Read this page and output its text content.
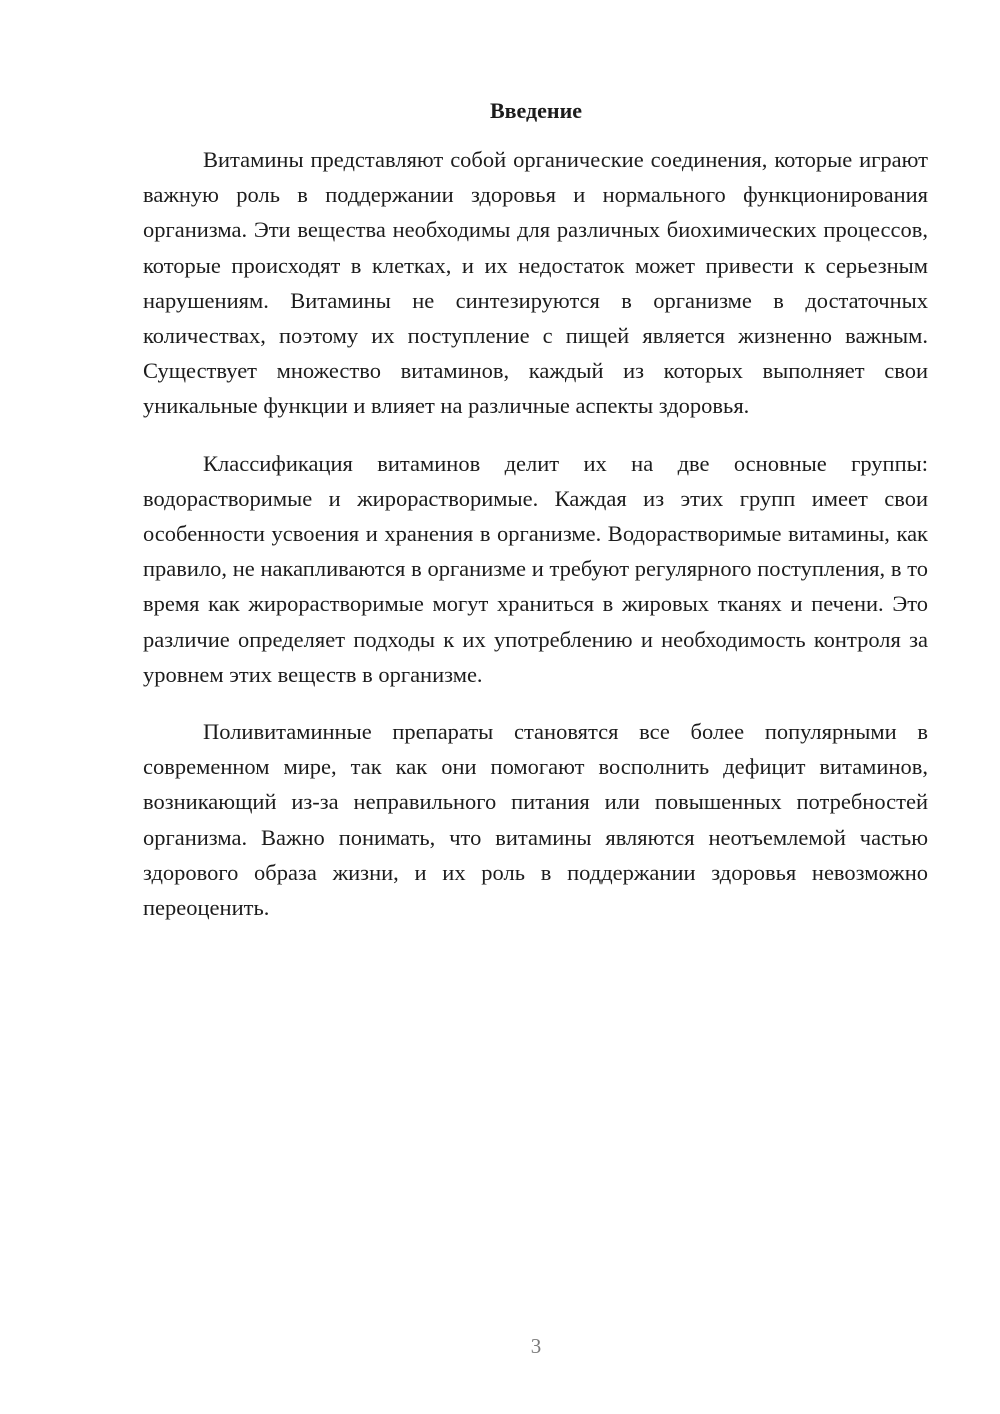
Введение

Витамины представляют собой органические соединения, которые играют важную роль в поддержании здоровья и нормального функционирования организма. Эти вещества необходимы для различных биохимических процессов, которые происходят в клетках, и их недостаток может привести к серьезным нарушениям. Витамины не синтезируются в организме в достаточных количествах, поэтому их поступление с пищей является жизненно важным. Существует множество витаминов, каждый из которых выполняет свои уникальные функции и влияет на различные аспекты здоровья.

Классификация витаминов делит их на две основные группы: водорастворимые и жирорастворимые. Каждая из этих групп имеет свои особенности усвоения и хранения в организме. Водорастворимые витамины, как правило, не накапливаются в организме и требуют регулярного поступления, в то время как жирорастворимые могут храниться в жировых тканях и печени. Это различие определяет подходы к их употреблению и необходимость контроля за уровнем этих веществ в организме.

Поливитаминные препараты становятся все более популярными в современном мире, так как они помогают восполнить дефицит витаминов, возникающий из-за неправильного питания или повышенных потребностей организма. Важно понимать, что витамины являются неотъемлемой частью здорового образа жизни, и их роль в поддержании здоровья невозможно переоценить.

3
